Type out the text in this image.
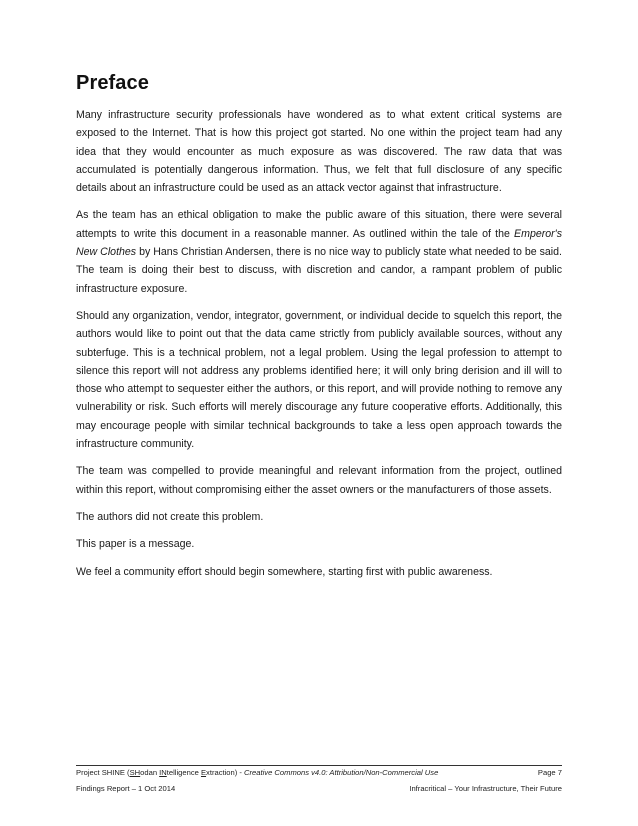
Preface

Many infrastructure security professionals have wondered as to what extent critical systems are exposed to the Internet. That is how this project got started. No one within the project team had any idea that they would encounter as much exposure as was discovered. The raw data that was accumulated is potentially dangerous information. Thus, we felt that full disclosure of any specific details about an infrastructure could be used as an attack vector against that infrastructure.

As the team has an ethical obligation to make the public aware of this situation, there were several attempts to write this document in a reasonable manner. As outlined within the tale of the Emperor's New Clothes by Hans Christian Andersen, there is no nice way to publicly state what needed to be said. The team is doing their best to discuss, with discretion and candor, a rampant problem of public infrastructure exposure.

Should any organization, vendor, integrator, government, or individual decide to squelch this report, the authors would like to point out that the data came strictly from publicly available sources, without any subterfuge. This is a technical problem, not a legal problem. Using the legal profession to attempt to silence this report will not address any problems identified here; it will only bring derision and ill will to those who attempt to sequester either the authors, or this report, and will provide nothing to remove any vulnerability or risk. Such efforts will merely discourage any future cooperative efforts. Additionally, this may encourage people with similar technical backgrounds to take a less open approach towards the infrastructure community.

The team was compelled to provide meaningful and relevant information from the project, outlined within this report, without compromising either the asset owners or the manufacturers of those assets.

The authors did not create this problem.

This paper is a message.

We feel a community effort should begin somewhere, starting first with public awareness.

Project SHINE (SHodan INtelligence Extraction) - Creative Commons v4.0: Attribution/Non-Commercial Use	Page 7
Findings Report – 1 Oct 2014	Infracritical – Your Infrastructure, Their Future
